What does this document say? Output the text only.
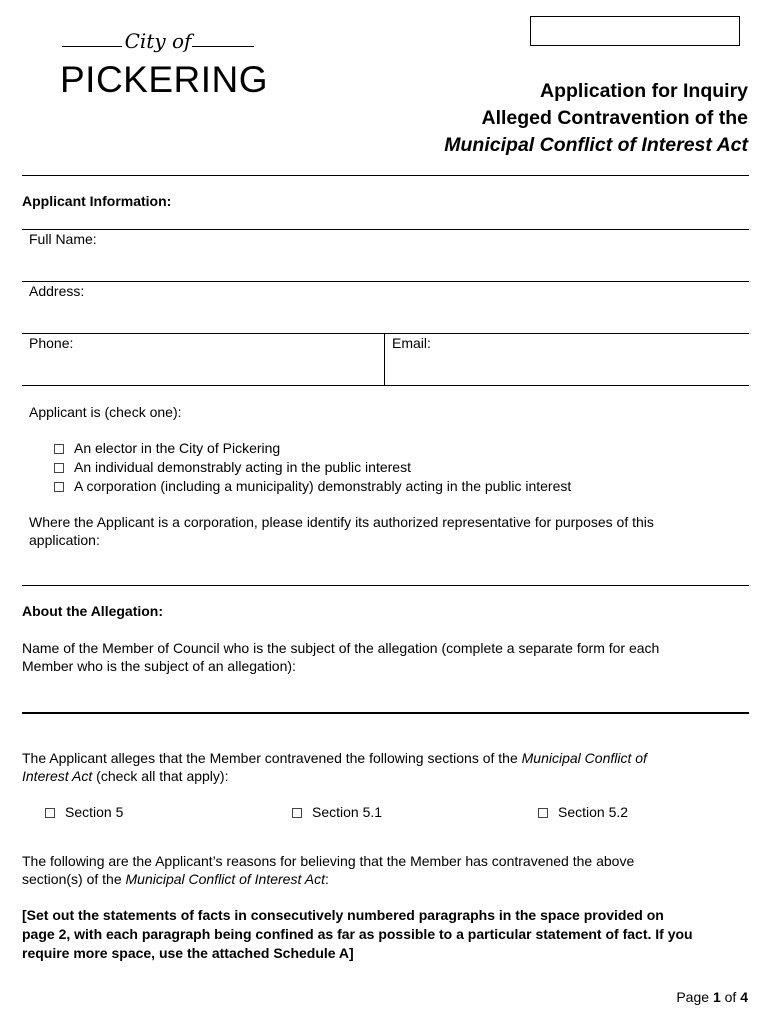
City of
PICKERING	Application for Inquiry
Alleged Contravention of the
Municipal Conflict of Interest Act
Applicant Information:
Full Name:
Address:
Phone:	Email:
Applicant is (check one):
An elector in the City of Pickering
An individual demonstrably acting in the public interest
A corporation (including a municipality) demonstrably acting in the public interest
Where the Applicant is a corporation, please identify its authorized representative for purposes of this
application:
About the Allegation:
Name of the Member of Council who is the subject of the allegation (complete a separate form for each
Member who is the subject of an allegation):
The Applicant alleges that the Member contravened the following sections of the Municipal Conflict of
Interest Act (check all that apply):
Section 5	Section 5.1	Section 5.2
The following are the Applicant’s reasons for believing that the Member has contravened the above
section(s) of the Municipal Conflict of Interest Act:
[Set out the statements of facts in consecutively numbered paragraphs in the space provided on
page 2, with each paragraph being confined as far as possible to a particular statement of fact. If you
require more space, use the attached Schedule A]
Page 1 of 4
